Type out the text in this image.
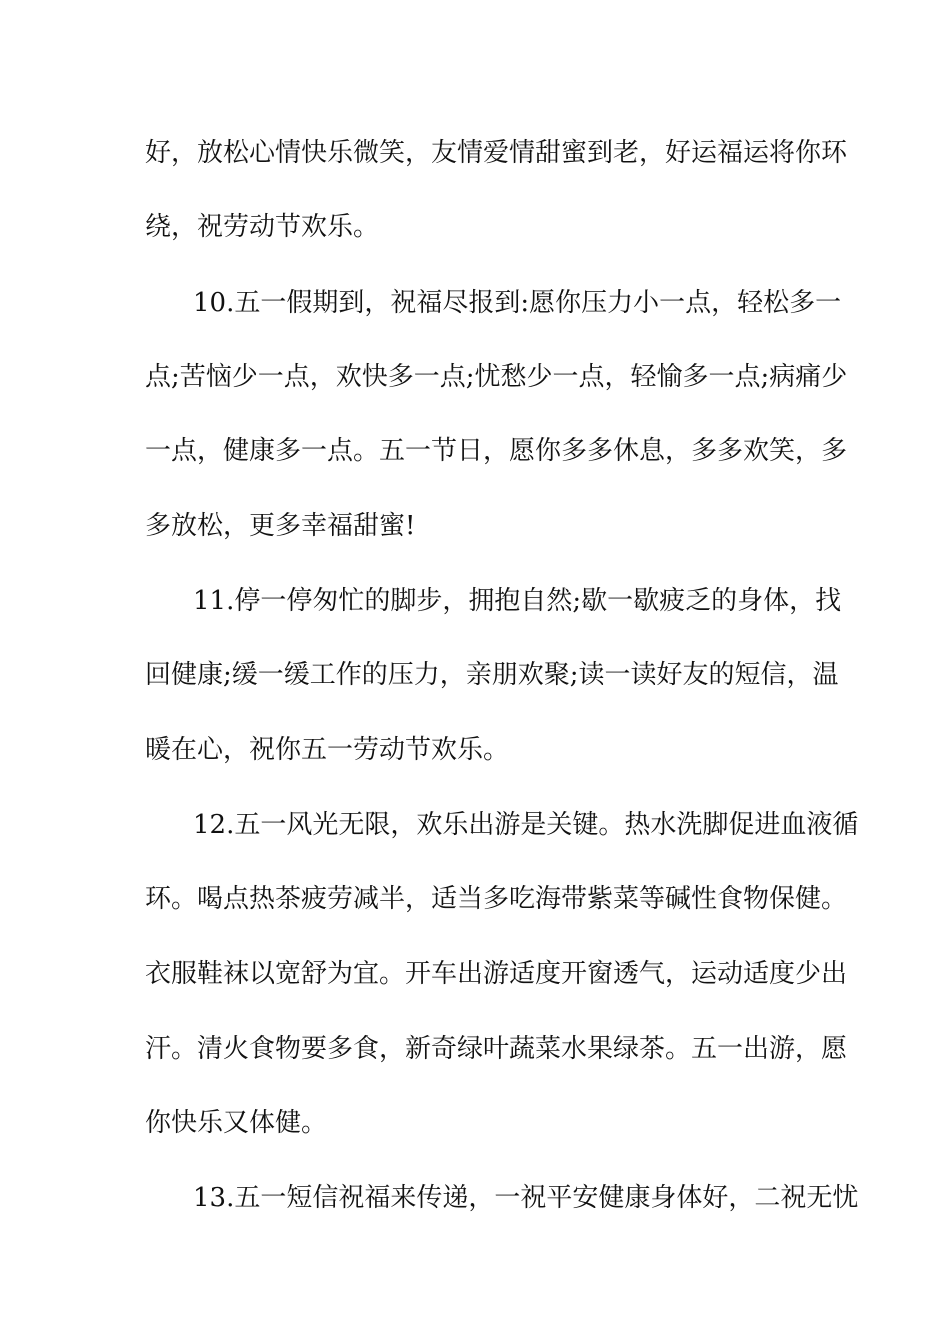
好，放松心情快乐微笑，友情爱情甜蜜到老，好运福运将你环
绕，祝劳动节欢乐。
10.五一假期到，祝福尽报到:愿你压力小一点，轻松多一
点;苦恼少一点，欢快多一点;忧愁少一点，轻愉多一点;病痛少
一点，健康多一点。五一节日，愿你多多休息，多多欢笑，多
多放松，更多幸福甜蜜!
11.停一停匆忙的脚步，拥抱自然;歇一歇疲乏的身体，找
回健康;缓一缓工作的压力，亲朋欢聚;读一读好友的短信，温
暖在心，祝你五一劳动节欢乐。
12.五一风光无限，欢乐出游是关键。热水洗脚促进血液循
环。喝点热茶疲劳减半，适当多吃海带紫菜等碱性食物保健。
衣服鞋袜以宽舒为宜。开车出游适度开窗透气，运动适度少出
汗。清火食物要多食，新奇绿叶蔬菜水果绿茶。五一出游，愿
你快乐又体健。
13.五一短信祝福来传递，一祝平安健康身体好，二祝无忧
